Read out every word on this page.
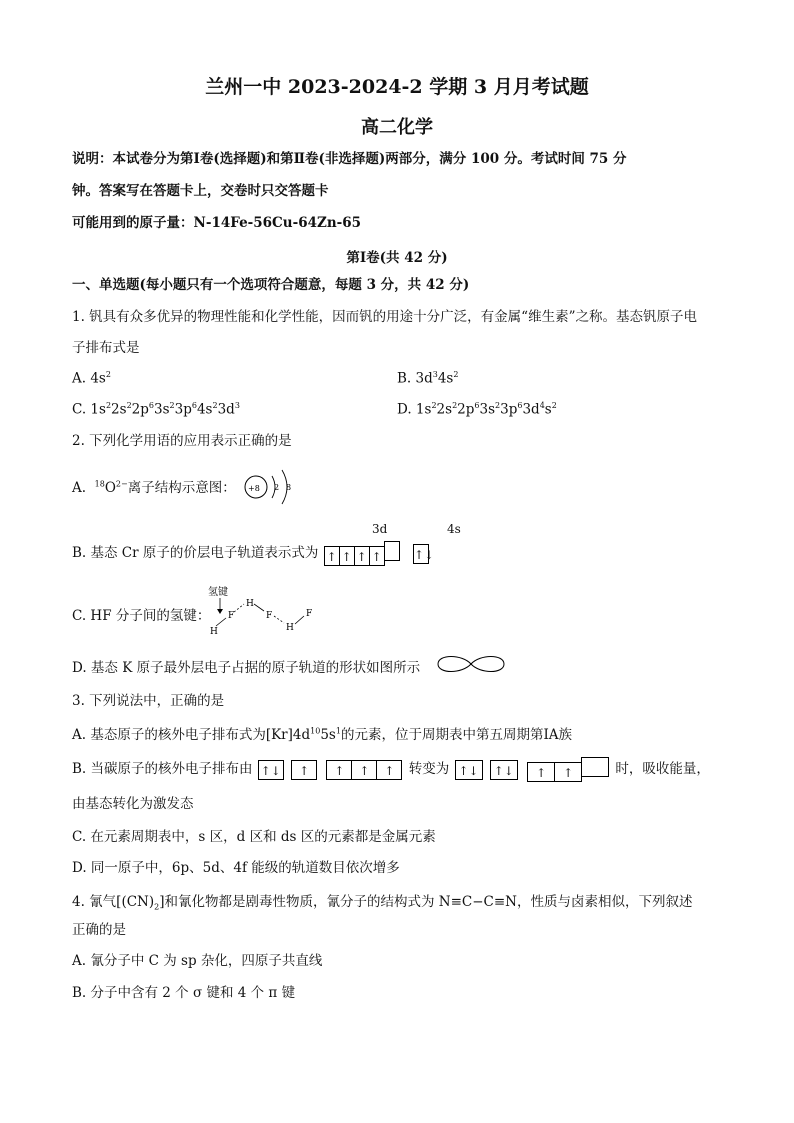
兰州一中 2023-2024-2 学期 3 月月考试题
高二化学
说明：本试卷分为第Ⅰ卷(选择题)和第Ⅱ卷(非选择题)两部分，满分 100 分。考试时间 75 分
钟。答案写在答题卡上，交卷时只交答题卡
可能用到的原子量：N-14Fe-56Cu-64Zn-65
第Ⅰ卷(共 42 分)
一、单选题(每小题只有一个选项符合题意，每题 3 分，共 42 分)
1. 钒具有众多优异的物理性能和化学性能，因而钒的用途十分广泛，有金属“维生素”之称。基态钒原子电
子排布式是
A. $4s^2$	B. $3d^34s^2$
C. $1s^22s^22p^63s^23p^64s^23d^3$	D. $1s^22s^22p^63s^23p^63d^4s^2$
2. 下列化学用语的应用表示正确的是
A. $^{18}O^{2-}$离子结构示意图： +8 2 8
3d	4s
B. 基态 Cr 原子的价层电子轨道表示式为 ↑ ↑ ↑ ↑	↑↓
C. HF 分子间的氢键：
氢键
F
H
H
F
H
F
D. 基态 K 原子最外层电子占据的原子轨道的形状如图所示
3. 下列说法中，正确的是
A. 基态原子的核外电子排布式为$[Kr]4d^{10}5s^1$的元素，位于周期表中第五周期第ⅠA族
B. 当碳原子的核外电子排布由 ↑↓ ↑ ↑ ↑ ↑ 转变为 ↑↓ ↑↓ ↑ ↑	时，吸收能量，
由基态转化为激发态
C. 在元素周期表中，s 区，d 区和 ds 区的元素都是金属元素
D. 同一原子中，6p、5d、4f 能级的轨道数目依次增多
4. 氰气$[(CN)_2]$和氰化物都是剧毒性物质，氰分子的结构式为 N≡C−C≡N，性质与卤素相似，下列叙述
正确的是
A. 氰分子中 C 为 sp 杂化，四原子共直线
B. 分子中含有 2 个 σ 键和 4 个 π 键
